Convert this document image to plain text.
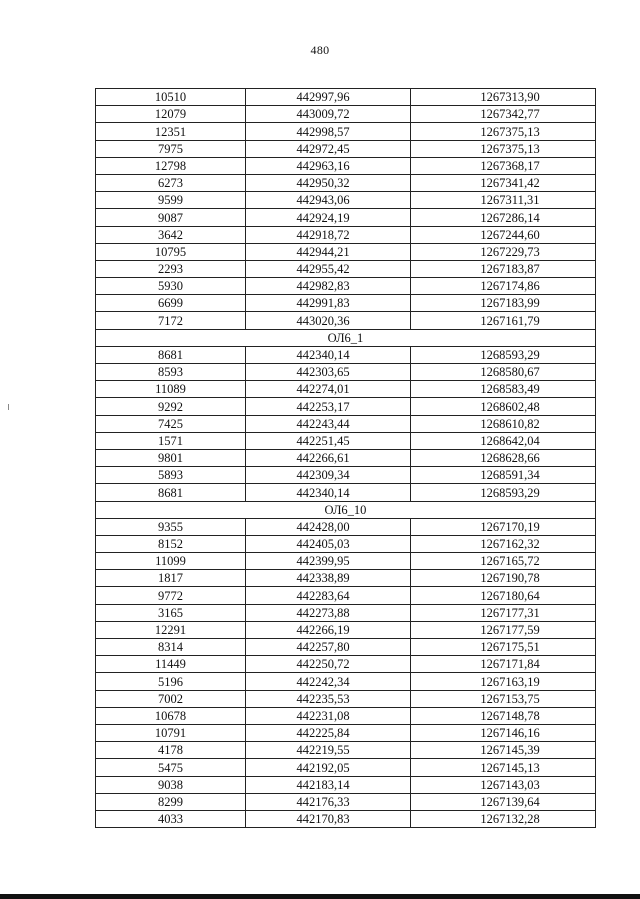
480
10510	442997,96	1267313,90
12079	443009,72	1267342,77
12351	442998,57	1267375,13
7975	442972,45	1267375,13
12798	442963,16	1267368,17
6273	442950,32	1267341,42
9599	442943,06	1267311,31
9087	442924,19	1267286,14
3642	442918,72	1267244,60
10795	442944,21	1267229,73
2293	442955,42	1267183,87
5930	442982,83	1267174,86
6699	442991,83	1267183,99
7172	443020,36	1267161,79
ОЛ6_1		
8681	442340,14	1268593,29
8593	442303,65	1268580,67
11089	442274,01	1268583,49
9292	442253,17	1268602,48
7425	442243,44	1268610,82
1571	442251,45	1268642,04
9801	442266,61	1268628,66
5893	442309,34	1268591,34
8681	442340,14	1268593,29
ОЛ6_10		
9355	442428,00	1267170,19
8152	442405,03	1267162,32
11099	442399,95	1267165,72
1817	442338,89	1267190,78
9772	442283,64	1267180,64
3165	442273,88	1267177,31
12291	442266,19	1267177,59
8314	442257,80	1267175,51
11449	442250,72	1267171,84
5196	442242,34	1267163,19
7002	442235,53	1267153,75
10678	442231,08	1267148,78
10791	442225,84	1267146,16
4178	442219,55	1267145,39
5475	442192,05	1267145,13
9038	442183,14	1267143,03
8299	442176,33	1267139,64
4033	442170,83	1267132,28
